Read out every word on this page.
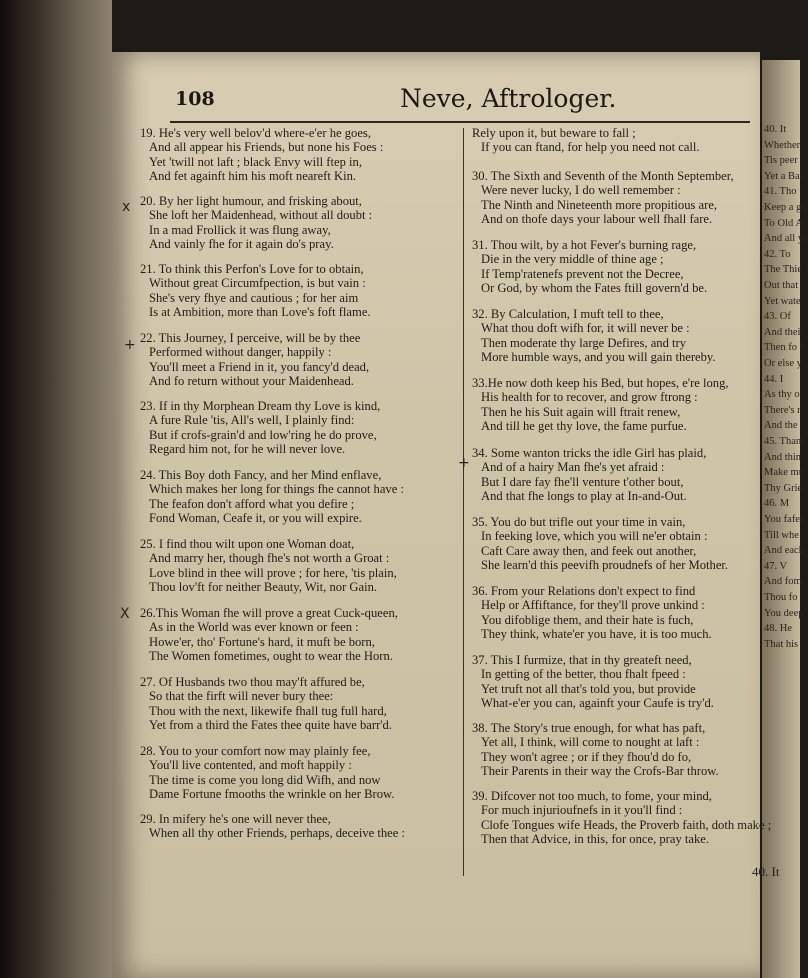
40. It
Whether
Tis peer
Yet a Bar
41. Tho
Keep a go
To Old A
And all yo
42. To
The Thie
Out that
Yet wate
43. Of
And their
Then fo b
Or else y
44. I
As thy o
There's r
And the
45. Thank
And thin
Make mu
Thy Grie
46. M
You fafel
Till whe
And each
47. V
And fom
Thou fo
You deep
48. He
That his
108	Neve, Aftrologer.
19. He's very well belov'd where-e'er he goes,
And all appear his Friends, but none his Foes :
Yet 'twill not laft ; black Envy will ftep in,
And fet againft him his moft neareft Kin.
20. By her light humour, and frisking about,
She loft her Maidenhead, without all doubt :
In a mad Frollick it was flung away,
And vainly fhe for it again do's pray.
21. To think this Perfon's Love for to obtain,
Without great Circumfpection, is but vain :
She's very fhye and cautious ; for her aim
Is at Ambition, more than Love's foft flame.
22. This Journey, I perceive, will be by thee
Performed without danger, happily :
You'll meet a Friend in it, you fancy'd dead,
And fo return without your Maidenhead.
23. If in thy Morphean Dream thy Love is kind,
A fure Rule 'tis, All's well, I plainly find:
But if crofs-grain'd and low'ring he do prove,
Regard him not, for he will never love.
24. This Boy doth Fancy, and her Mind enflave,
Which makes her long for things fhe cannot have :
The feafon don't afford what you defire ;
Fond Woman, Ceafe it, or you will expire.
25. I find thou wilt upon one Woman doat,
And marry her, though fhe's not worth a Groat :
Love blind in thee will prove ; for here, 'tis plain,
Thou lov'ft for neither Beauty, Wit, nor Gain.
26.This Woman fhe will prove a great Cuck-queen,
As in the World was ever known or feen :
Howe'er, tho' Fortune's hard, it muft be born,
The Women fometimes, ought to wear the Horn.
27. Of Husbands two thou may'ft affured be,
So that the firft will never bury thee:
Thou with the next, likewife fhall tug full hard,
Yet from a third the Fates thee quite have barr'd.
28. You to your comfort now may plainly fee,
You'll live contented, and moft happily :
The time is come you long did Wifh, and now
Dame Fortune fmooths the wrinkle on her Brow.
29. In mifery he's one will never thee,
When all thy other Friends, perhaps, deceive thee :
Rely upon it, but beware to fall ;
If you can ftand, for help you need not call.
30. The Sixth and Seventh of the Month September,
Were never lucky, I do well remember :
The Ninth and Nineteenth more propitious are,
And on thofe days your labour well fhall fare.
31. Thou wilt, by a hot Fever's burning rage,
Die in the very middle of thine age ;
If Temp'ratenefs prevent not the Decree,
Or God, by whom the Fates ftill govern'd be.
32. By Calculation, I muft tell to thee,
What thou doft wifh for, it will never be :
Then moderate thy large Defires, and try
More humble ways, and you will gain thereby.
33.He now doth keep his Bed, but hopes, e're long,
His health for to recover, and grow ftrong :
Then he his Suit again will ftrait renew,
And till he get thy love, the fame purfue.
34. Some wanton tricks the idle Girl has plaid,
And of a hairy Man fhe's yet afraid :
But I dare fay fhe'll venture t'other bout,
And that fhe longs to play at In-and-Out.
35. You do but trifle out your time in vain,
In feeking love, which you will ne'er obtain :
Caft Care away then, and feek out another,
She learn'd this peevifh proudnefs of her Mother.
36. From your Relations don't expect to find
Help or Affiftance, for they'll prove unkind :
You difoblige them, and their hate is fuch,
They think, whate'er you have, it is too much.
37. This I furmize, that in thy greateft need,
In getting of the better, thou fhalt fpeed :
Yet truft not all that's told you, but provide
What-e'er you can, againft your Caufe is try'd.
38. The Story's true enough, for what has paft,
Yet all, I think, will come to nought at laft :
They won't agree ; or if they fhou'd do fo,
Their Parents in their way the Crofs-Bar throw.
39. Difcover not too much, to fome, your mind,
For much injurioufnefs in it you'll find :
Clofe Tongues wife Heads, the Proverb faith, doth make ;
Then that Advice, in this, for once, pray take.
40. It
x
+
+
X
